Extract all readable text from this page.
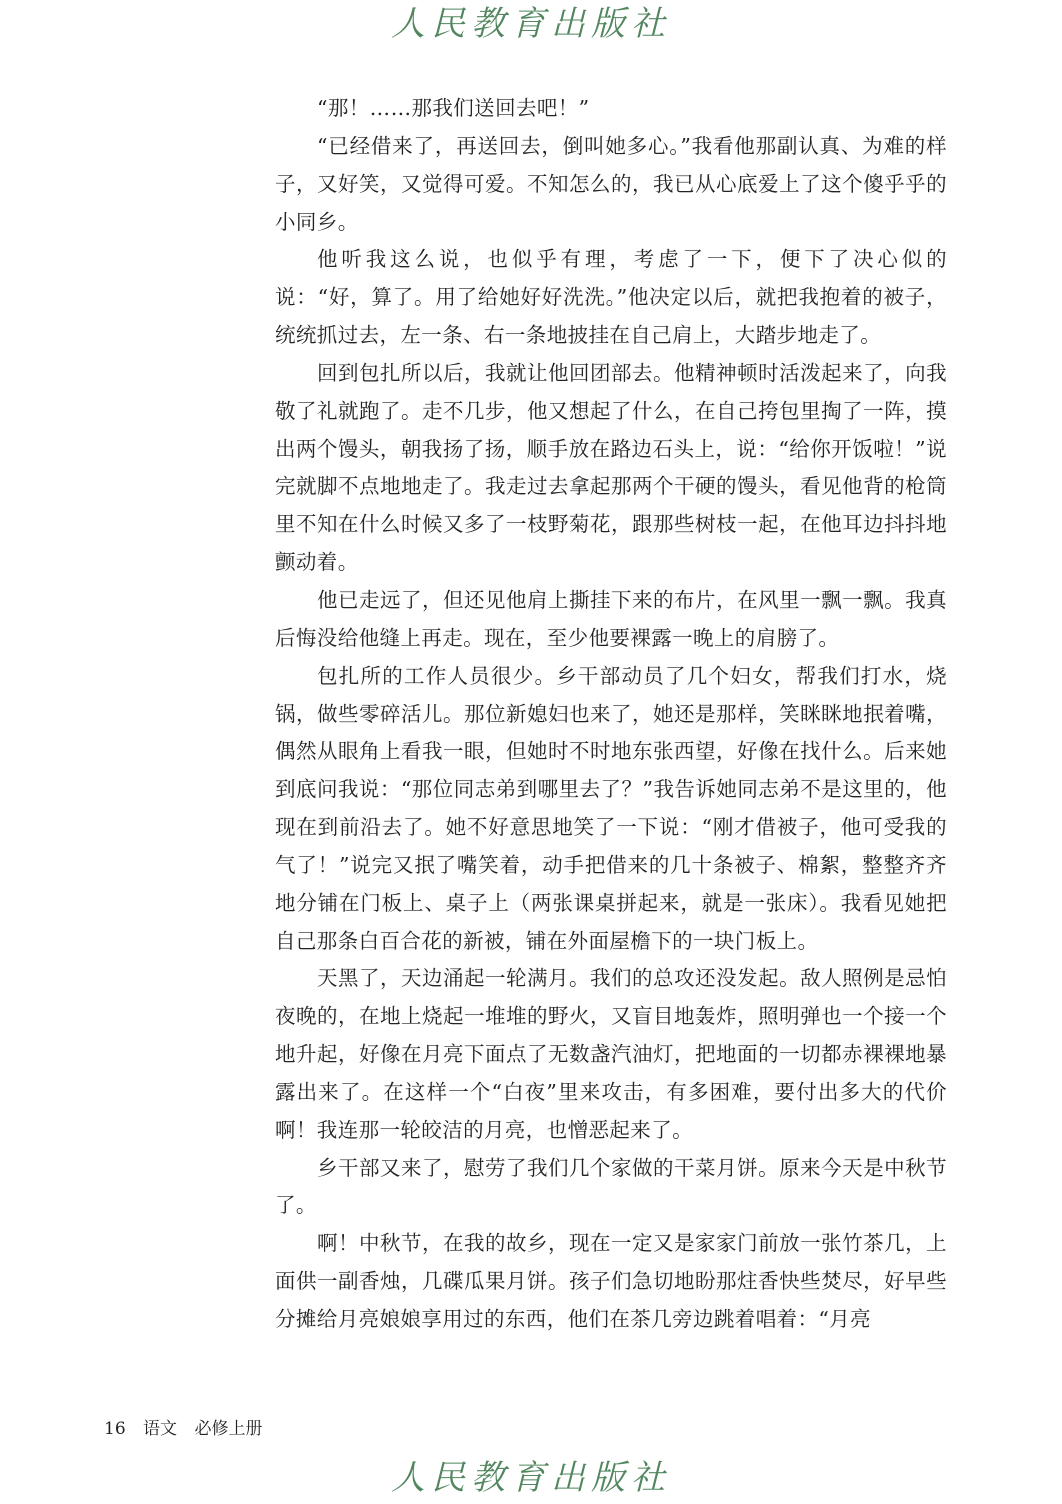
人民教育出版社

“那！……那我们送回去吧！”

“已经借来了，再送回去，倒叫她多心。”我看他那副认真、为难的样子，又好笑，又觉得可爱。不知怎么的，我已从心底爱上了这个傻乎乎的小同乡。

他听我这么说，也似乎有理，考虑了一下，便下了决心似的说：“好，算了。用了给她好好洗洗。”他决定以后，就把我抱着的被子，统统抓过去，左一条、右一条地披挂在自己肩上，大踏步地走了。

回到包扎所以后，我就让他回团部去。他精神顿时活泼起来了，向我敬了礼就跑了。走不几步，他又想起了什么，在自己挎包里掏了一阵，摸出两个馒头，朝我扬了扬，顺手放在路边石头上，说：“给你开饭啦！”说完就脚不点地地走了。我走过去拿起那两个干硬的馒头，看见他背的枪筒里不知在什么时候又多了一枝野菊花，跟那些树枝一起，在他耳边抖抖地颤动着。

他已走远了，但还见他肩上撕挂下来的布片，在风里一飘一飘。我真后悔没给他缝上再走。现在，至少他要裸露一晚上的肩膀了。

包扎所的工作人员很少。乡干部动员了几个妇女，帮我们打水，烧锅，做些零碎活儿。那位新媳妇也来了，她还是那样，笑眯眯地抿着嘴，偶然从眼角上看我一眼，但她时不时地东张西望，好像在找什么。后来她到底问我说：“那位同志弟到哪里去了？”我告诉她同志弟不是这里的，他现在到前沿去了。她不好意思地笑了一下说：“刚才借被子，他可受我的气了！”说完又抿了嘴笑着，动手把借来的几十条被子、棉絮，整整齐齐地分铺在门板上、桌子上（两张课桌拼起来，就是一张床）。我看见她把自己那条白百合花的新被，铺在外面屋檐下的一块门板上。

天黑了，天边涌起一轮满月。我们的总攻还没发起。敌人照例是忌怕夜晚的，在地上烧起一堆堆的野火，又盲目地轰炸，照明弹也一个接一个地升起，好像在月亮下面点了无数盏汽油灯，把地面的一切都赤裸裸地暴露出来了。在这样一个“白夜”里来攻击，有多困难，要付出多大的代价啊！我连那一轮皎洁的月亮，也憎恶起来了。

乡干部又来了，慰劳了我们几个家做的干菜月饼。原来今天是中秋节了。

啊！中秋节，在我的故乡，现在一定又是家家门前放一张竹茶几，上面供一副香烛，几碟瓜果月饼。孩子们急切地盼那炷香快些焚尽，好早些分摊给月亮娘娘享用过的东西，他们在茶几旁边跳着唱着：“月亮

16 语文 必修上册
人民教育出版社
